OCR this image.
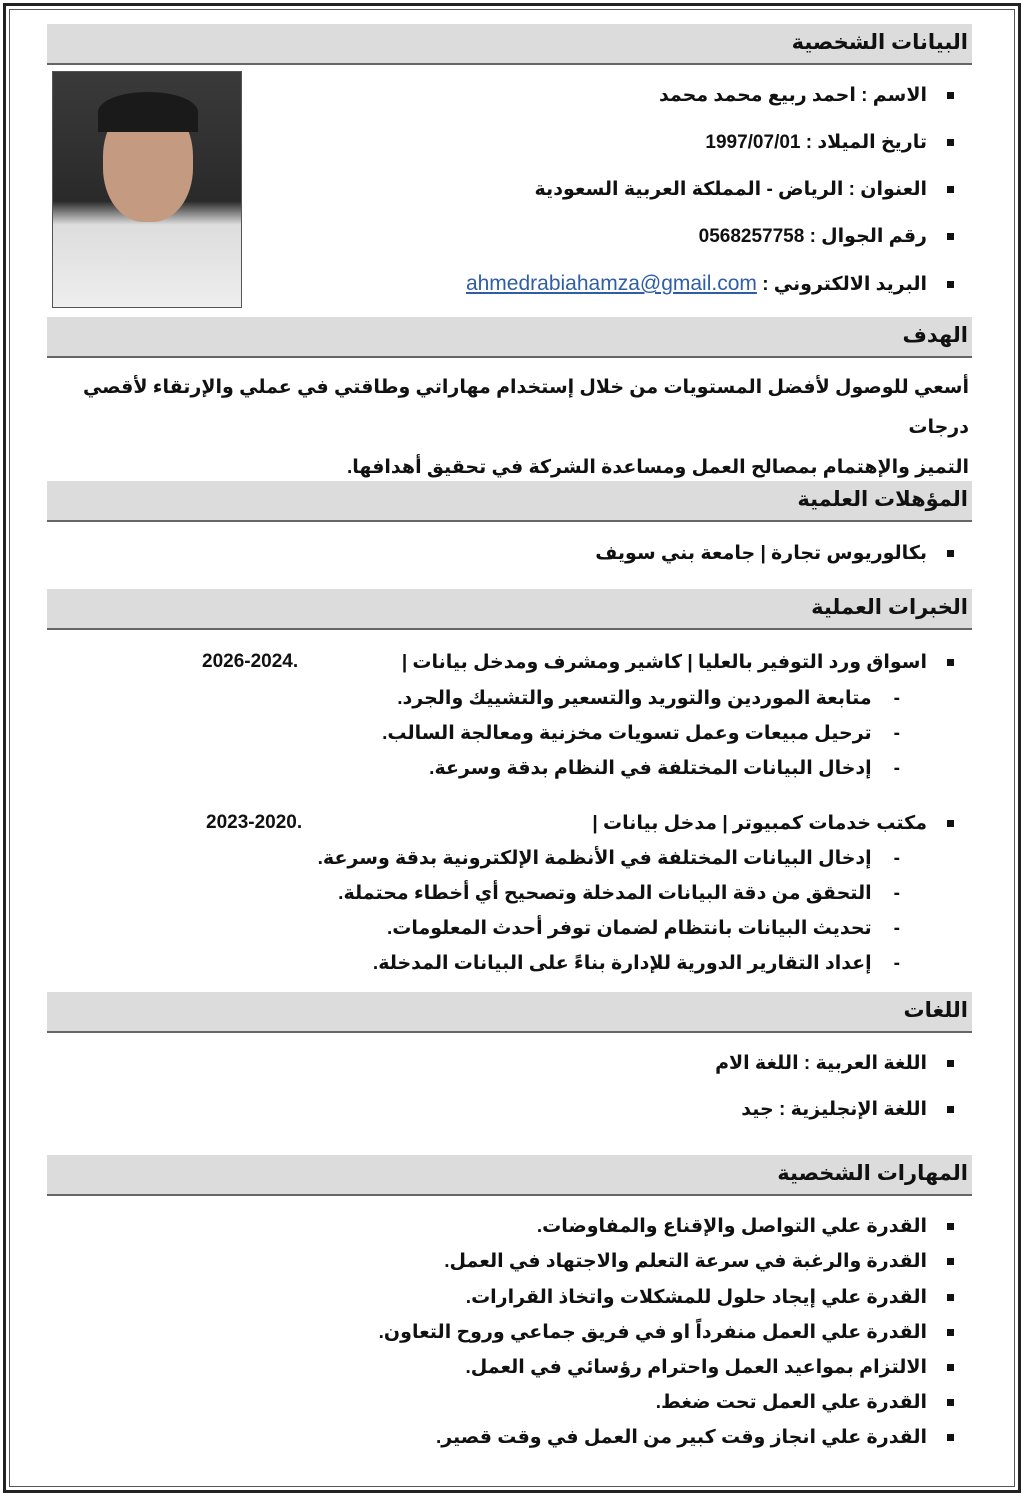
البيانات الشخصية
الاسم : احمد ربيع محمد محمد
تاريخ الميلاد : 1997/07/01
العنوان : الرياض - المملكة العربية السعودية
رقم الجوال : 0568257758
البريد الالكتروني : ahmedrabiahamza@gmail.com
الهدف
أسعي للوصول لأفضل المستويات من خلال إستخدام مهاراتي وطاقتي في عملي والإرتقاء لأقصي درجات
التميز والإهتمام بمصالح العمل ومساعدة الشركة في تحقيق أهدافها.
المؤهلات العلمية
بكالوريوس تجارة | جامعة بني سويف
الخبرات العملية
اسواق ورد التوفير بالعليا | كاشير ومشرف ومدخل بيانات |
2026-2024.
-متابعة الموردين والتوريد والتسعير والتشييك والجرد.
-ترحيل مبيعات وعمل تسويات مخزنية ومعالجة السالب.
-إدخال البيانات المختلفة في النظام بدقة وسرعة.
مكتب خدمات كمبيوتر | مدخل بيانات |
2023-2020.
-إدخال البيانات المختلفة في الأنظمة الإلكترونية بدقة وسرعة.
-التحقق من دقة البيانات المدخلة وتصحيح أي أخطاء محتملة.
-تحديث البيانات بانتظام لضمان توفر أحدث المعلومات.
-إعداد التقارير الدورية للإدارة بناءً على البيانات المدخلة.
اللغات
اللغة العربية : اللغة الام
اللغة الإنجليزية : جيد
المهارات الشخصية
القدرة علي التواصل والإقناع والمفاوضات.
القدرة والرغبة في سرعة التعلم والاجتهاد في العمل.
القدرة علي إيجاد حلول للمشكلات واتخاذ القرارات.
القدرة علي العمل منفرداً او في فريق جماعي وروح التعاون.
الالتزام بمواعيد العمل واحترام رؤسائي في العمل.
القدرة علي العمل تحت ضغط.
القدرة علي انجاز وقت كبير من العمل في وقت قصير.
